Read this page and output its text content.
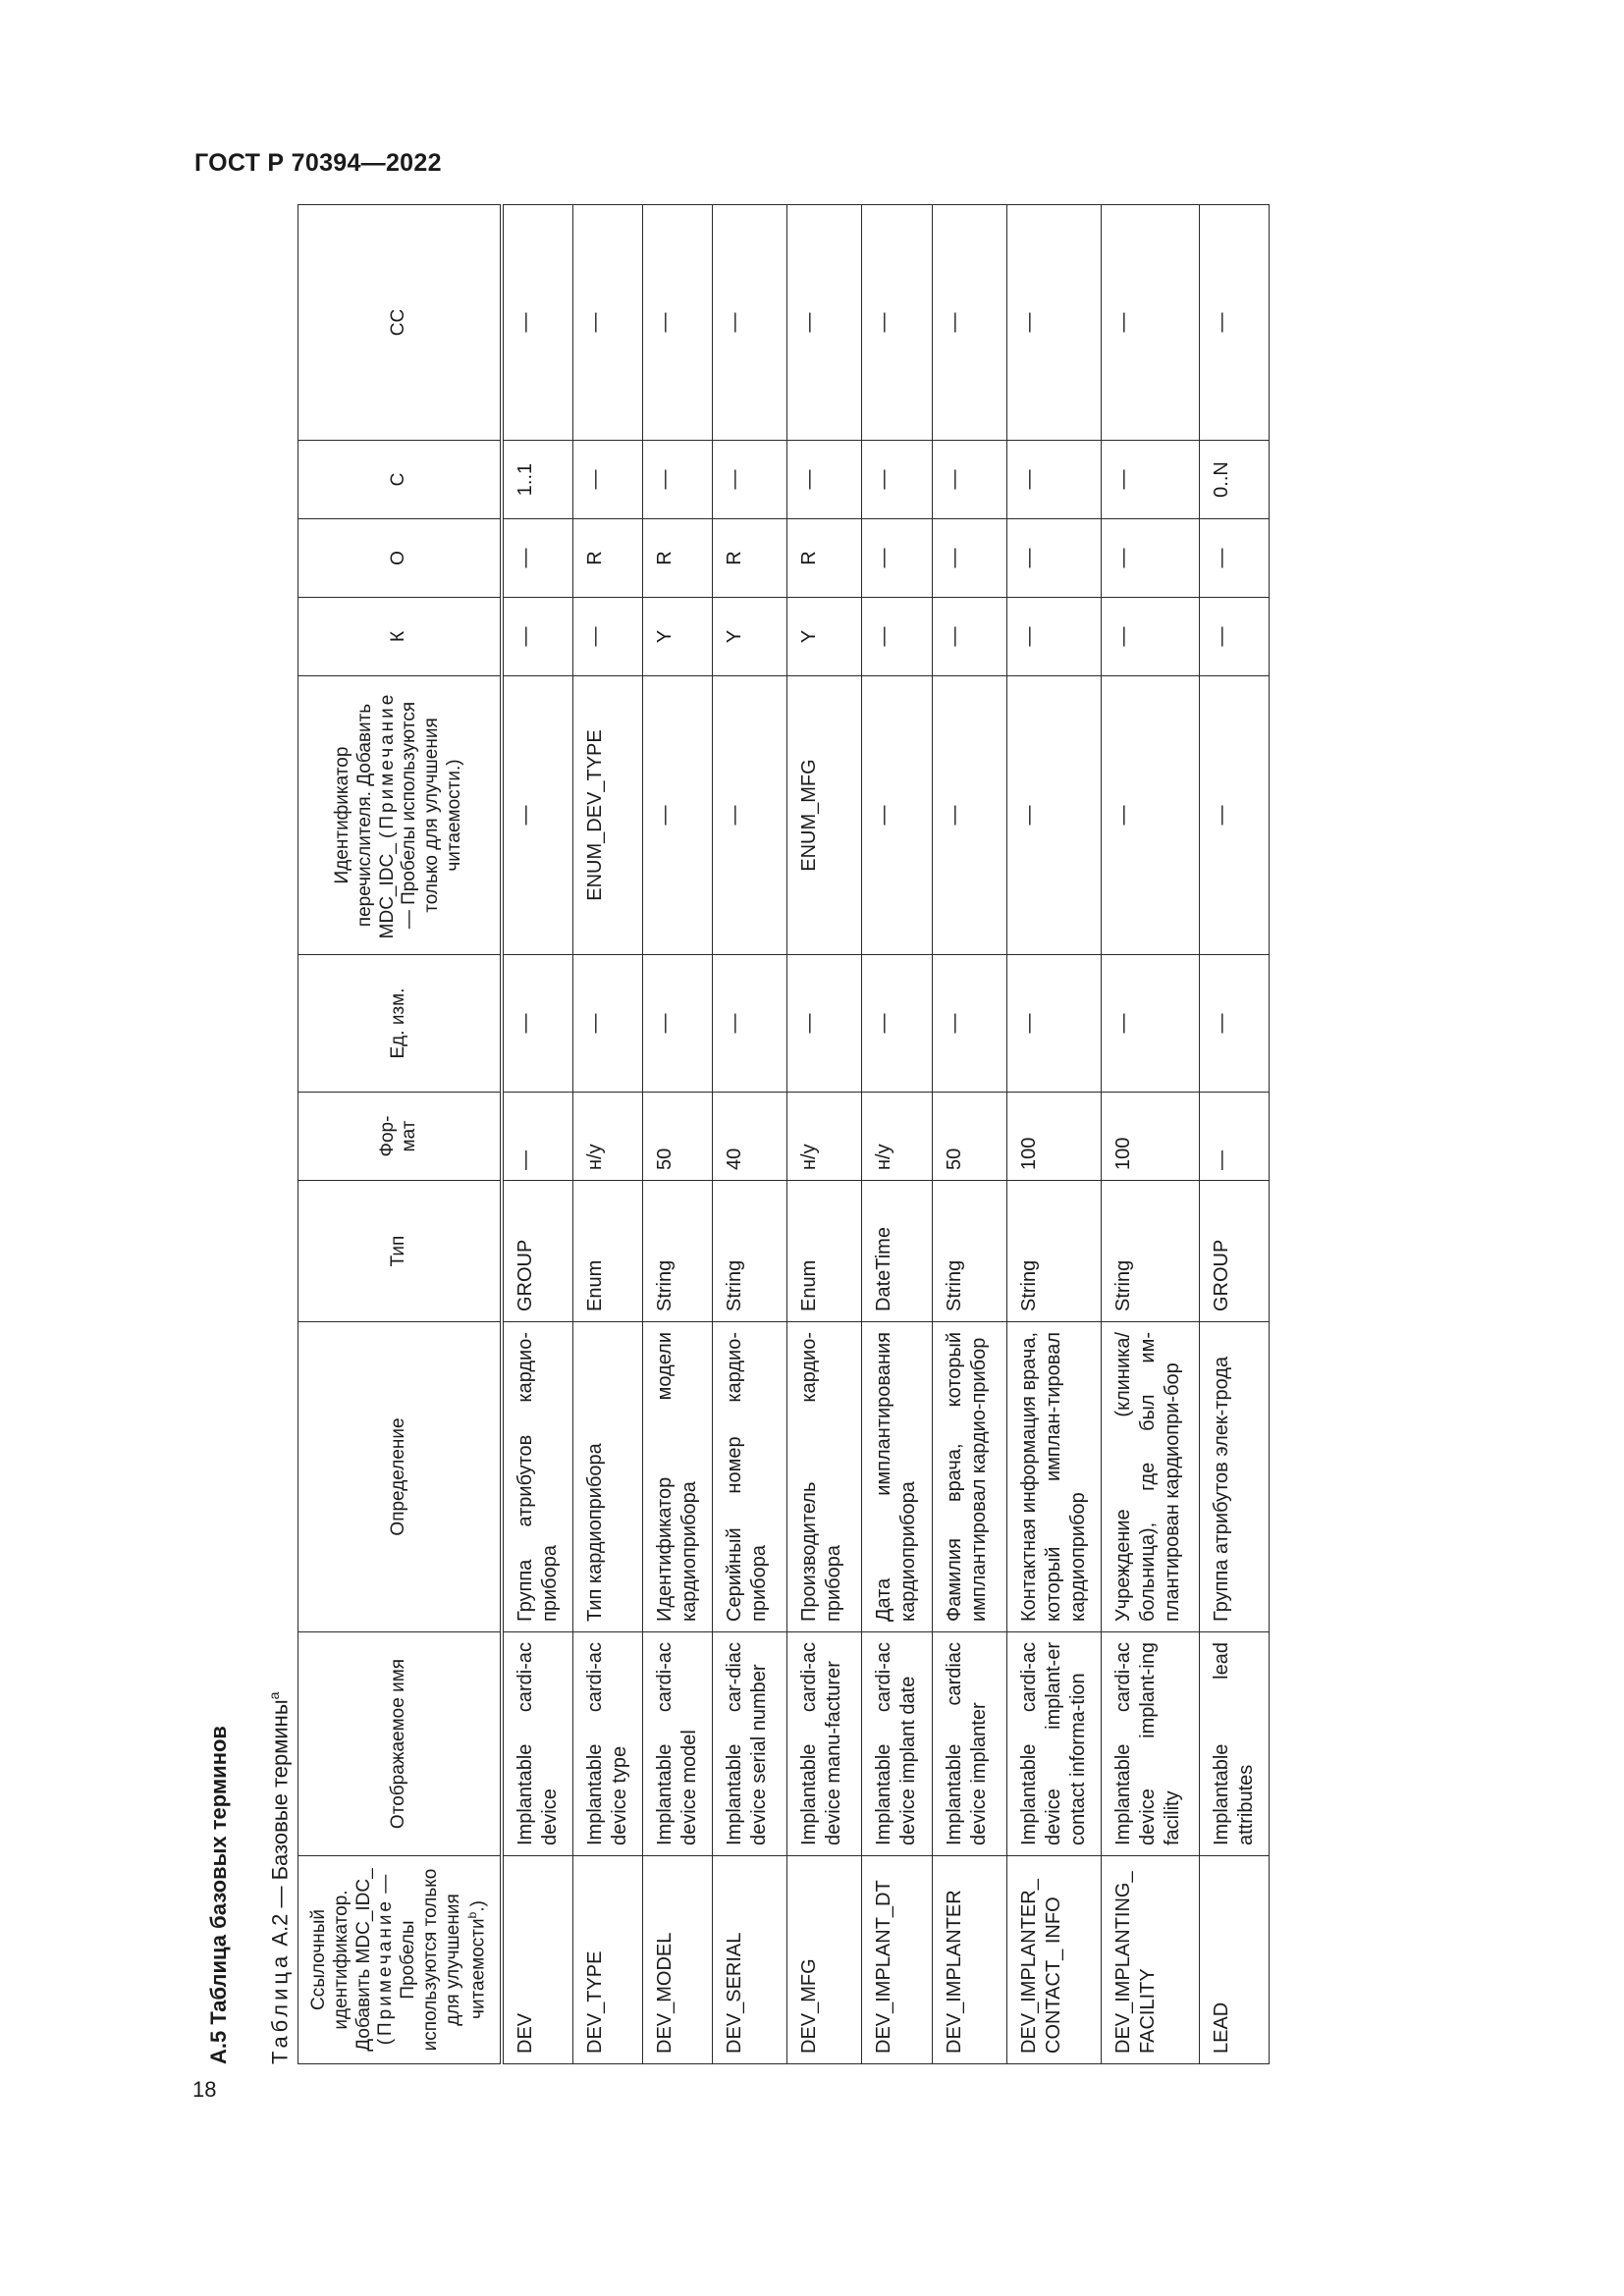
ГОСТ Р 70394—2022
18
А.5 Таблица базовых терминов	Таблица А.2 — Базовые термины$^a$
Ссылочный идентификатор. Добавить MDC_IDC_ (Примечание — Пробелы используются только для улучшения читаемости$^b$.)	Отображаемое имя	Определение	Тип	Фор-мат	Ед. изм.	Идентификатор перечислителя. Добавить MDC_IDC_ (Примечание — Пробелы используются только для улучшения читаемости.)	К	О	С	СС
DEV	Implantable cardi-ac device	Группа атрибутов кардио-прибора	GROUP	—	—	—	—	—	1..1	—
DEV_TYPE	Implantable cardi-ac device type	Тип кардиоприбора	Enum	н/у	—	ENUM_DEV_TYPE	—	R	—	—
DEV_MODEL	Implantable cardi-ac device model	Идентификатор модели кардиоприбора	String	50	—	—	Y	R	—	—
DEV_SERIAL	Implantable car-diac device serial number	Серийный номер кардио-прибора	String	40	—	—	Y	R	—	—
DEV_MFG	Implantable cardi-ac device manu-facturer	Производитель кардио-прибора	Enum	н/у	—	ENUM_MFG	Y	R	—	—
DEV_IMPLANT_DT	Implantable cardi-ac device implant date	Дата имплантирования кардиоприбора	DateTime	н/у	—	—	—	—	—	—
DEV_IMPLANTER	Implantable cardiac device implanter	Фамилия врача, который имплантировал кардио-прибор	String	50	—	—	—	—	—	—
DEV_IMPLANTER_ CONTACT_ INFO	Implantable cardi-ac device implant-er contact informa-tion	Контактная информация врача, который имплан-тировал кардиоприбор	String	100	—	—	—	—	—	—
DEV_IMPLANTING_ FACILITY	Implantable cardi-ac device implant-ing facility	Учреждение (клиника/ больница), где был им-плантирован кардиопри-бор	String	100	—	—	—	—	—	—
LEAD	Implantable lead attributes	Группа атрибутов элек-трода	GROUP	—	—	—	—	—	0..N	—
